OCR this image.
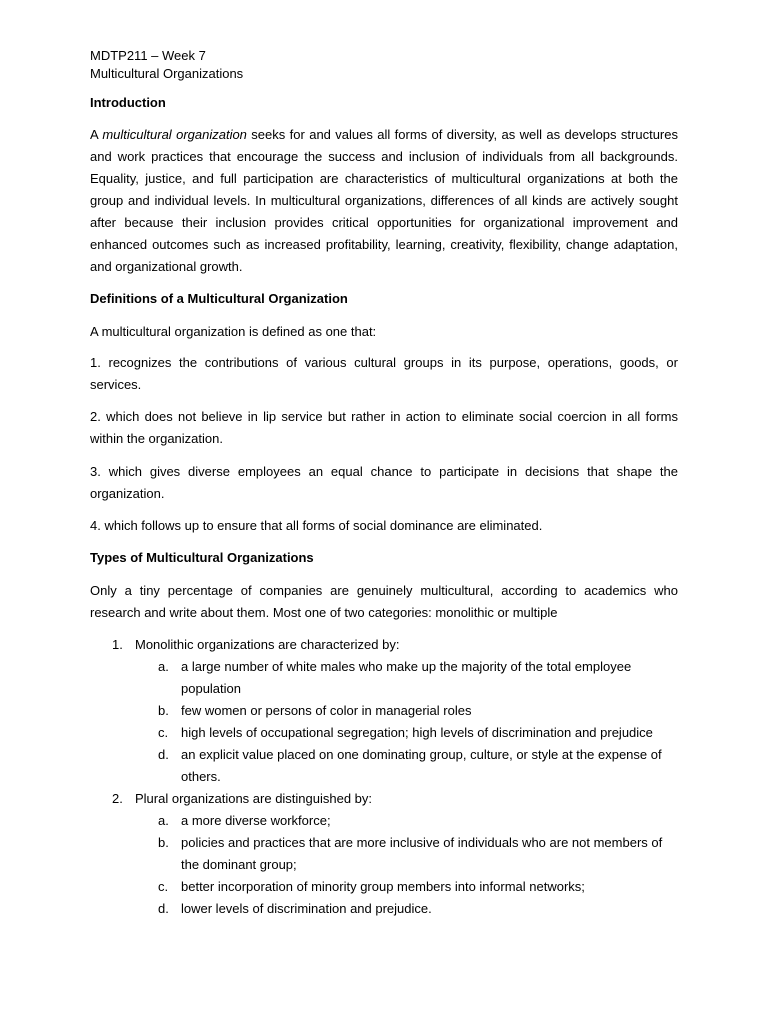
MDTP211 – Week 7

Multicultural Organizations

Introduction

A multicultural organization seeks for and values all forms of diversity, as well as develops structures and work practices that encourage the success and inclusion of individuals from all backgrounds. Equality, justice, and full participation are characteristics of multicultural organizations at both the group and individual levels. In multicultural organizations, differences of all kinds are actively sought after because their inclusion provides critical opportunities for organizational improvement and enhanced outcomes such as increased profitability, learning, creativity, flexibility, change adaptation, and organizational growth.

Definitions of a Multicultural Organization

A multicultural organization is defined as one that:

1. recognizes the contributions of various cultural groups in its purpose, operations, goods, or services.

2. which does not believe in lip service but rather in action to eliminate social coercion in all forms within the organization.

3. which gives diverse employees an equal chance to participate in decisions that shape the organization.

4. which follows up to ensure that all forms of social dominance are eliminated.

Types of Multicultural Organizations

Only a tiny percentage of companies are genuinely multicultural, according to academics who research and write about them. Most one of two categories: monolithic or multiple

1. Monolithic organizations are characterized by:
a. a large number of white males who make up the majority of the total employee population
b. few women or persons of color in managerial roles
c. high levels of occupational segregation; high levels of discrimination and prejudice
d. an explicit value placed on one dominating group, culture, or style at the expense of others.
2. Plural organizations are distinguished by:
a. a more diverse workforce;
b. policies and practices that are more inclusive of individuals who are not members of the dominant group;
c. better incorporation of minority group members into informal networks;
d. lower levels of discrimination and prejudice.
